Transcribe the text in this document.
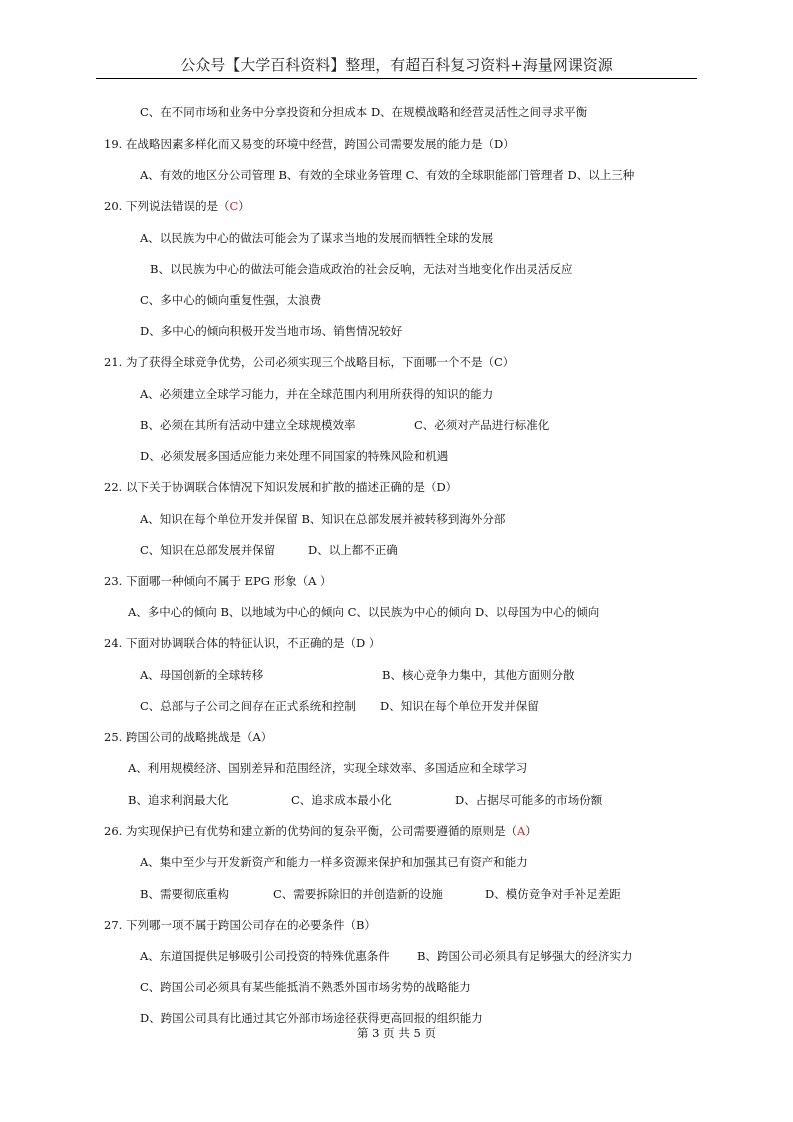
公众号【大学百科资料】整理，有超百科复习资料+海量网课资源
C、在不同市场和业务中分享投资和分担成本 D、在规模战略和经营灵活性之间寻求平衡
19. 在战略因素多样化而又易变的环境中经营，跨国公司需要发展的能力是（D）
A、有效的地区分公司管理 B、有效的全球业务管理 C、有效的全球职能部门管理者 D、以上三种
20. 下列说法错误的是（C）
A、以民族为中心的做法可能会为了谋求当地的发展而牺牲全球的发展
B、以民族为中心的做法可能会造成政治的社会反响，无法对当地变化作出灵活反应
C、多中心的倾向重复性强，太浪费
D、多中心的倾向积极开发当地市场、销售情况较好
21. 为了获得全球竞争优势，公司必须实现三个战略目标，下面哪一个不是（C）
A、必须建立全球学习能力，并在全球范围内利用所获得的知识的能力
B、必须在其所有活动中建立全球规模效率	C、必须对产品进行标准化
D、必须发展多国适应能力来处理不同国家的特殊风险和机遇
22. 以下关于协调联合体情况下知识发展和扩散的描述正确的是（D）
A、知识在每个单位开发并保留 B、知识在总部发展并被转移到海外分部
C、知识在总部发展并保留	D、以上都不正确
23. 下面哪一种倾向不属于 EPG 形象（A ）
A、多中心的倾向 B、以地域为中心的倾向 C、以民族为中心的倾向 D、以母国为中心的倾向
24. 下面对协调联合体的特征认识，不正确的是（D ）
A、母国创新的全球转移	B、核心竞争力集中，其他方面则分散
C、总部与子公司之间存在正式系统和控制 D、知识在每个单位开发并保留
25. 跨国公司的战略挑战是（A）
A、利用规模经济、国别差异和范围经济，实现全球效率、多国适应和全球学习
B、追求利润最大化	C、追求成本最小化	D、占据尽可能多的市场份额
26. 为实现保护已有优势和建立新的优势间的复杂平衡，公司需要遵循的原则是（A）
A、集中至少与开发新资产和能力一样多资源来保护和加强其已有资产和能力
B、需要彻底重构	C、需要拆除旧的并创造新的设施	D、模仿竞争对手补足差距
27. 下列哪一项不属于跨国公司存在的必要条件（B）
A、东道国提供足够吸引公司投资的特殊优惠条件 B、跨国公司必须具有足够强大的经济实力
C、跨国公司必须具有某些能抵消不熟悉外国市场劣势的战略能力
D、跨国公司具有比通过其它外部市场途径获得更高回报的组织能力
第 3 页 共 5 页
